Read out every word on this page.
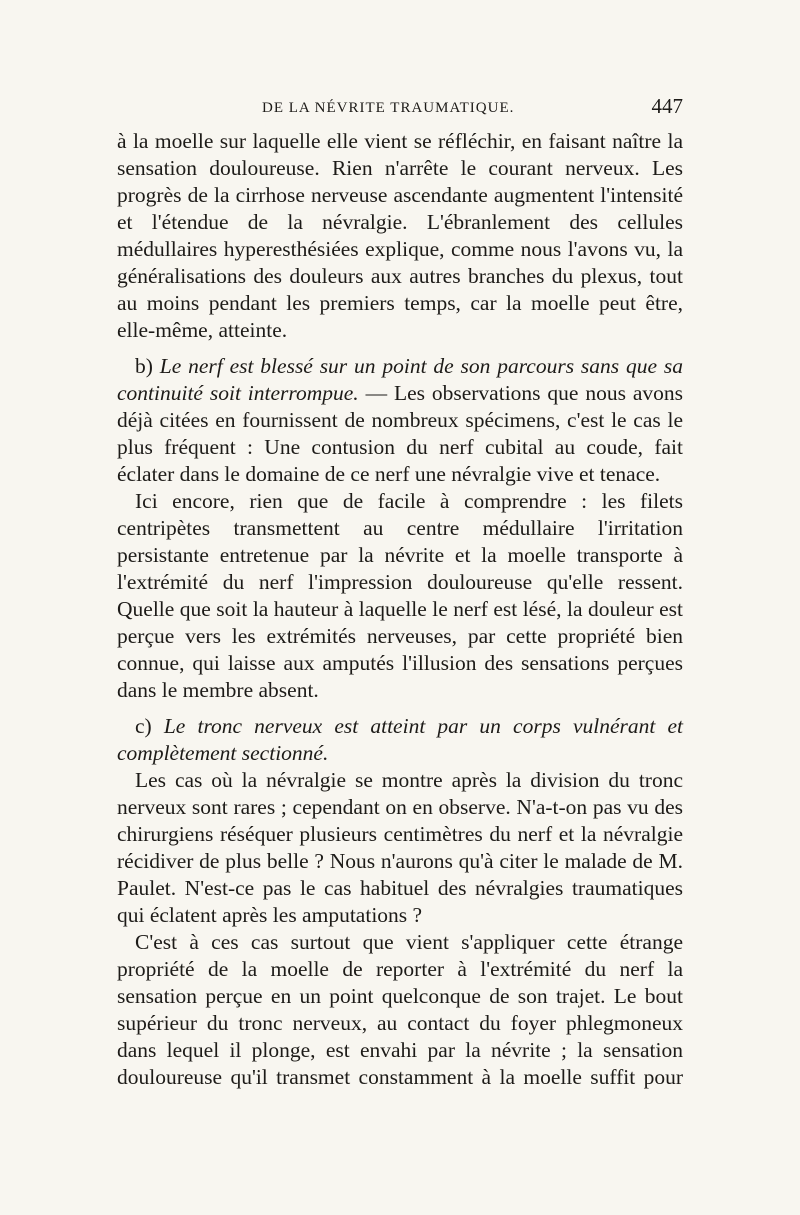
DE LA NÉVRITE TRAUMATIQUE.	447

à la moelle sur laquelle elle vient se réfléchir, en faisant naître la sensation douloureuse. Rien n'arrête le courant nerveux. Les progrès de la cirrhose nerveuse ascendante augmentent l'intensité et l'étendue de la névralgie. L'ébranlement des cellules médullaires hyperesthésiées explique, comme nous l'avons vu, la généralisations des douleurs aux autres branches du plexus, tout au moins pendant les premiers temps, car la moelle peut être, elle-même, atteinte.

b) Le nerf est blessé sur un point de son parcours sans que sa continuité soit interrompue. — Les observations que nous avons déjà citées en fournissent de nombreux spécimens, c'est le cas le plus fréquent : Une contusion du nerf cubital au coude, fait éclater dans le domaine de ce nerf une névralgie vive et tenace.

Ici encore, rien que de facile à comprendre : les filets centripètes transmettent au centre médullaire l'irritation persistante entretenue par la névrite et la moelle transporte à l'extrémité du nerf l'impression douloureuse qu'elle ressent. Quelle que soit la hauteur à laquelle le nerf est lésé, la douleur est perçue vers les extrémités nerveuses, par cette propriété bien connue, qui laisse aux amputés l'illusion des sensations perçues dans le membre absent.

c) Le tronc nerveux est atteint par un corps vulnérant et complètement sectionné.

Les cas où la névralgie se montre après la division du tronc nerveux sont rares ; cependant on en observe. N'a-t-on pas vu des chirurgiens réséquer plusieurs centimètres du nerf et la névralgie récidiver de plus belle ? Nous n'aurons qu'à citer le malade de M. Paulet. N'est-ce pas le cas habituel des névralgies traumatiques qui éclatent après les amputations ?

C'est à ces cas surtout que vient s'appliquer cette étrange propriété de la moelle de reporter à l'extrémité du nerf la sensation perçue en un point quelconque de son trajet. Le bout supérieur du tronc nerveux, au contact du foyer phlegmoneux dans lequel il plonge, est envahi par la névrite ; la sensation douloureuse qu'il transmet constamment à la moelle suffit pour
